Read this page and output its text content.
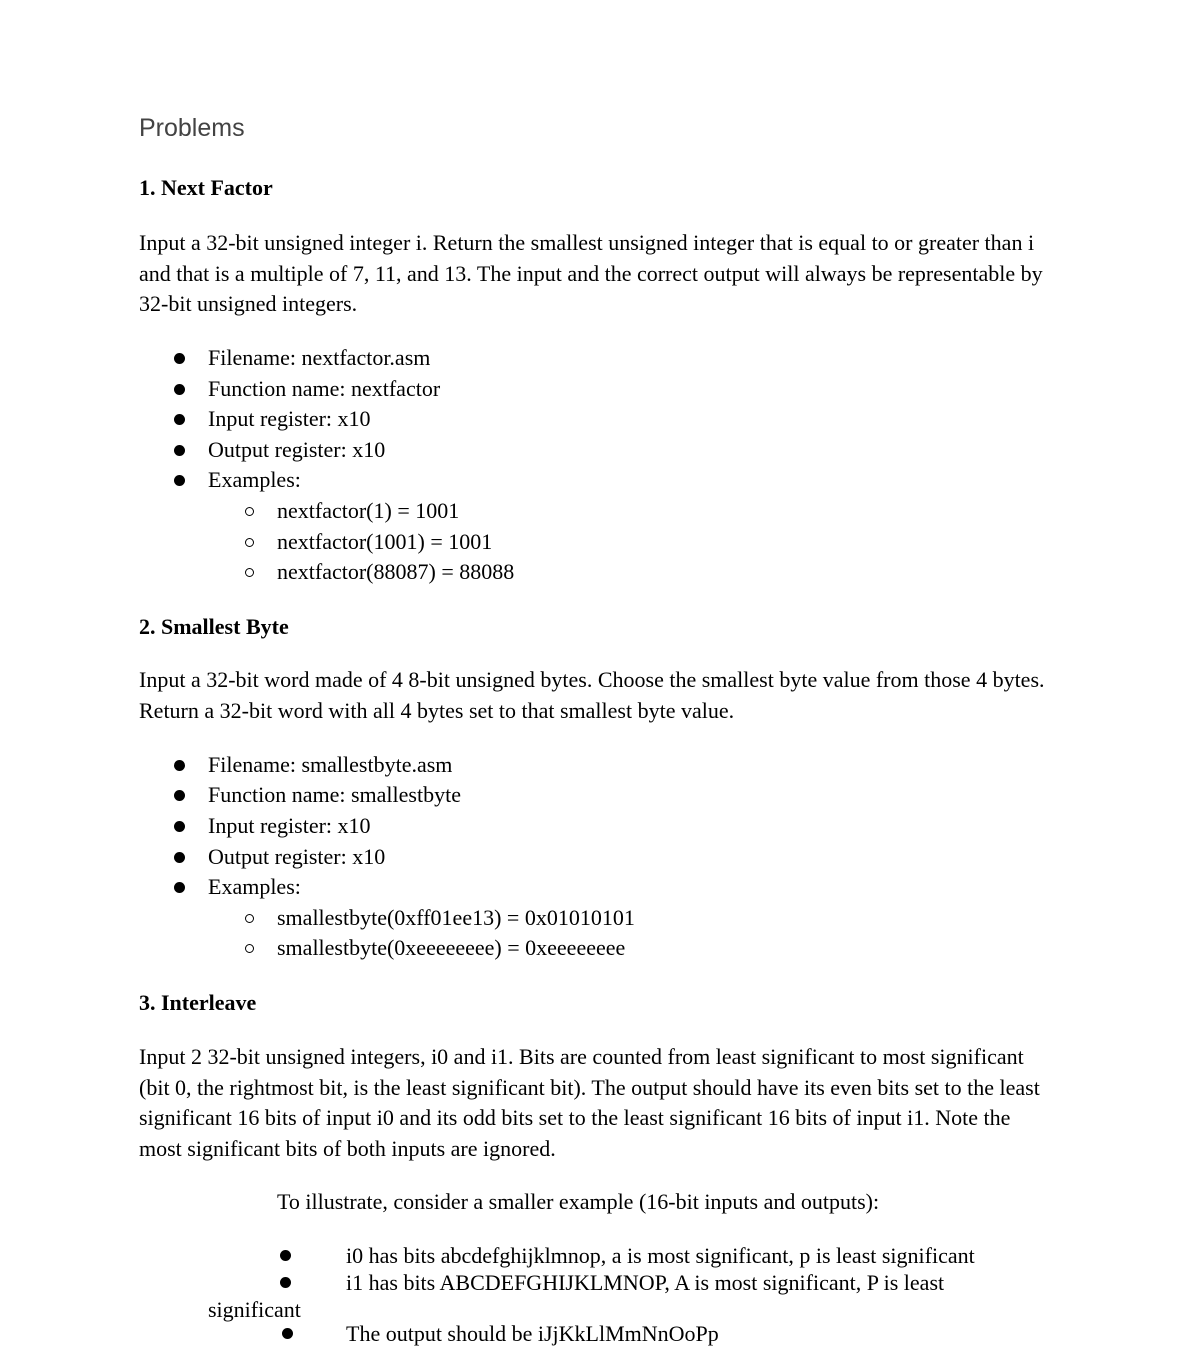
Problems
1. Next Factor

Input a 32-bit unsigned integer i. Return the smallest unsigned integer that is equal to or greater than i and that is a multiple of 7, 11, and 13. The input and the correct output will always be representable by 32-bit unsigned integers.

Filename: nextfactor.asm
Function name: nextfactor
Input register: x10
Output register: x10
Examples:
nextfactor(1) = 1001
nextfactor(1001) = 1001
nextfactor(88087) = 88088
2. Smallest Byte

Input a 32-bit word made of 4 8-bit unsigned bytes. Choose the smallest byte value from those 4 bytes. Return a 32-bit word with all 4 bytes set to that smallest byte value.

Filename: smallestbyte.asm
Function name: smallestbyte
Input register: x10
Output register: x10
Examples:
smallestbyte(0xff01ee13) = 0x01010101
smallestbyte(0xeeeeeeee) = 0xeeeeeeee
3. Interleave

Input 2 32-bit unsigned integers, i0 and i1. Bits are counted from least significant to most significant (bit 0, the rightmost bit, is the least significant bit). The output should have its even bits set to the least significant 16 bits of input i0 and its odd bits set to the least significant 16 bits of input i1. Note the most significant bits of both inputs are ignored.

To illustrate, consider a smaller example (16-bit inputs and outputs):
i0 has bits abcdefghijklmnop, a is most significant, p is least significant
i1 has bits ABCDEFGHIJKLMNOP, A is most significant, P is least
significant
The output should be iJjKkLlMmNnOoPp
